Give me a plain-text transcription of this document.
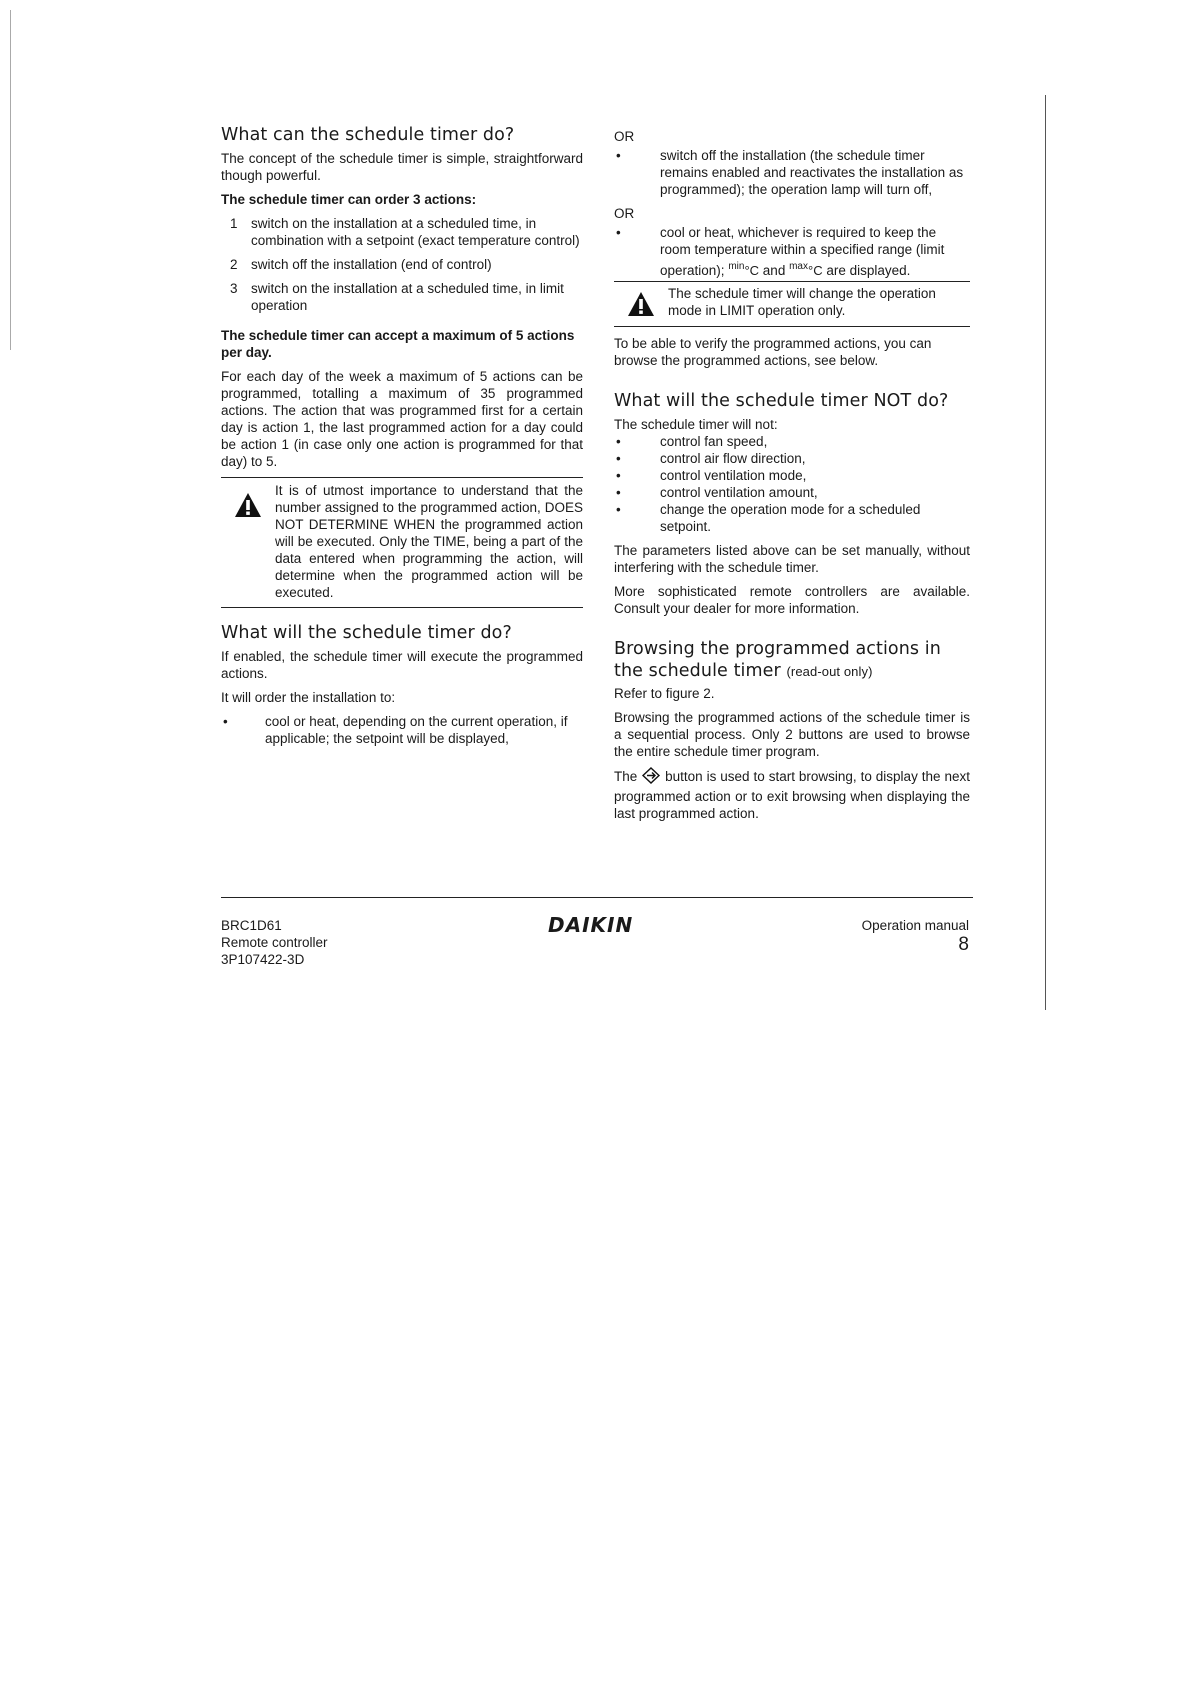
What can the schedule timer do?

The concept of the schedule timer is simple, straightforward though powerful.

The schedule timer can order 3 actions:

1 switch on the installation at a scheduled time, in combination with a setpoint (exact temperature control)
2 switch off the installation (end of control)
3 switch on the installation at a scheduled time, in limit operation

The schedule timer can accept a maximum of 5 actions per day.

For each day of the week a maximum of 5 actions can be programmed, totalling a maximum of 35 programmed actions. The action that was programmed first for a certain day is action 1, the last programmed action for a day could be action 1 (in case only one action is programmed for that day) to 5.

It is of utmost importance to understand that the number assigned to the programmed action, DOES NOT DETERMINE WHEN the programmed action will be executed. Only the TIME, being a part of the data entered when programming the action, will determine when the programmed action will be executed.
What will the schedule timer do?

If enabled, the schedule timer will execute the programmed actions.

It will order the installation to:

•	cool or heat, depending on the current operation, if applicable; the setpoint will be displayed,

OR

•	switch off the installation (the schedule timer remains enabled and reactivates the installation as programmed); the operation lamp will turn off,

OR

•	cool or heat, whichever is required to keep the room temperature within a specified range (limit operation); $^{min}$°C and $^{max}$°C are displayed.
The schedule timer will change the operation mode in LIMIT operation only.

To be able to verify the programmed actions, you can browse the programmed actions, see below.

What will the schedule timer NOT do?

The schedule timer will not:

•	control fan speed,
•	control air flow direction,
•	control ventilation mode,
•	control ventilation amount,
•	change the operation mode for a scheduled setpoint.

The parameters listed above can be set manually, without interfering with the schedule timer.

More sophisticated remote controllers are available. Consult your dealer for more information.

Browsing the programmed actions in the schedule timer (read-out only)

Refer to figure 2.

Browsing the programmed actions of the schedule timer is a sequential process. Only 2 buttons are used to browse the entire schedule timer program.

The button is used to start browsing, to display the next programmed action or to exit browsing when displaying the last programmed action.

BRC1D61
Remote controller
3P107422-3D
DAIKIN	Operation manual
8
